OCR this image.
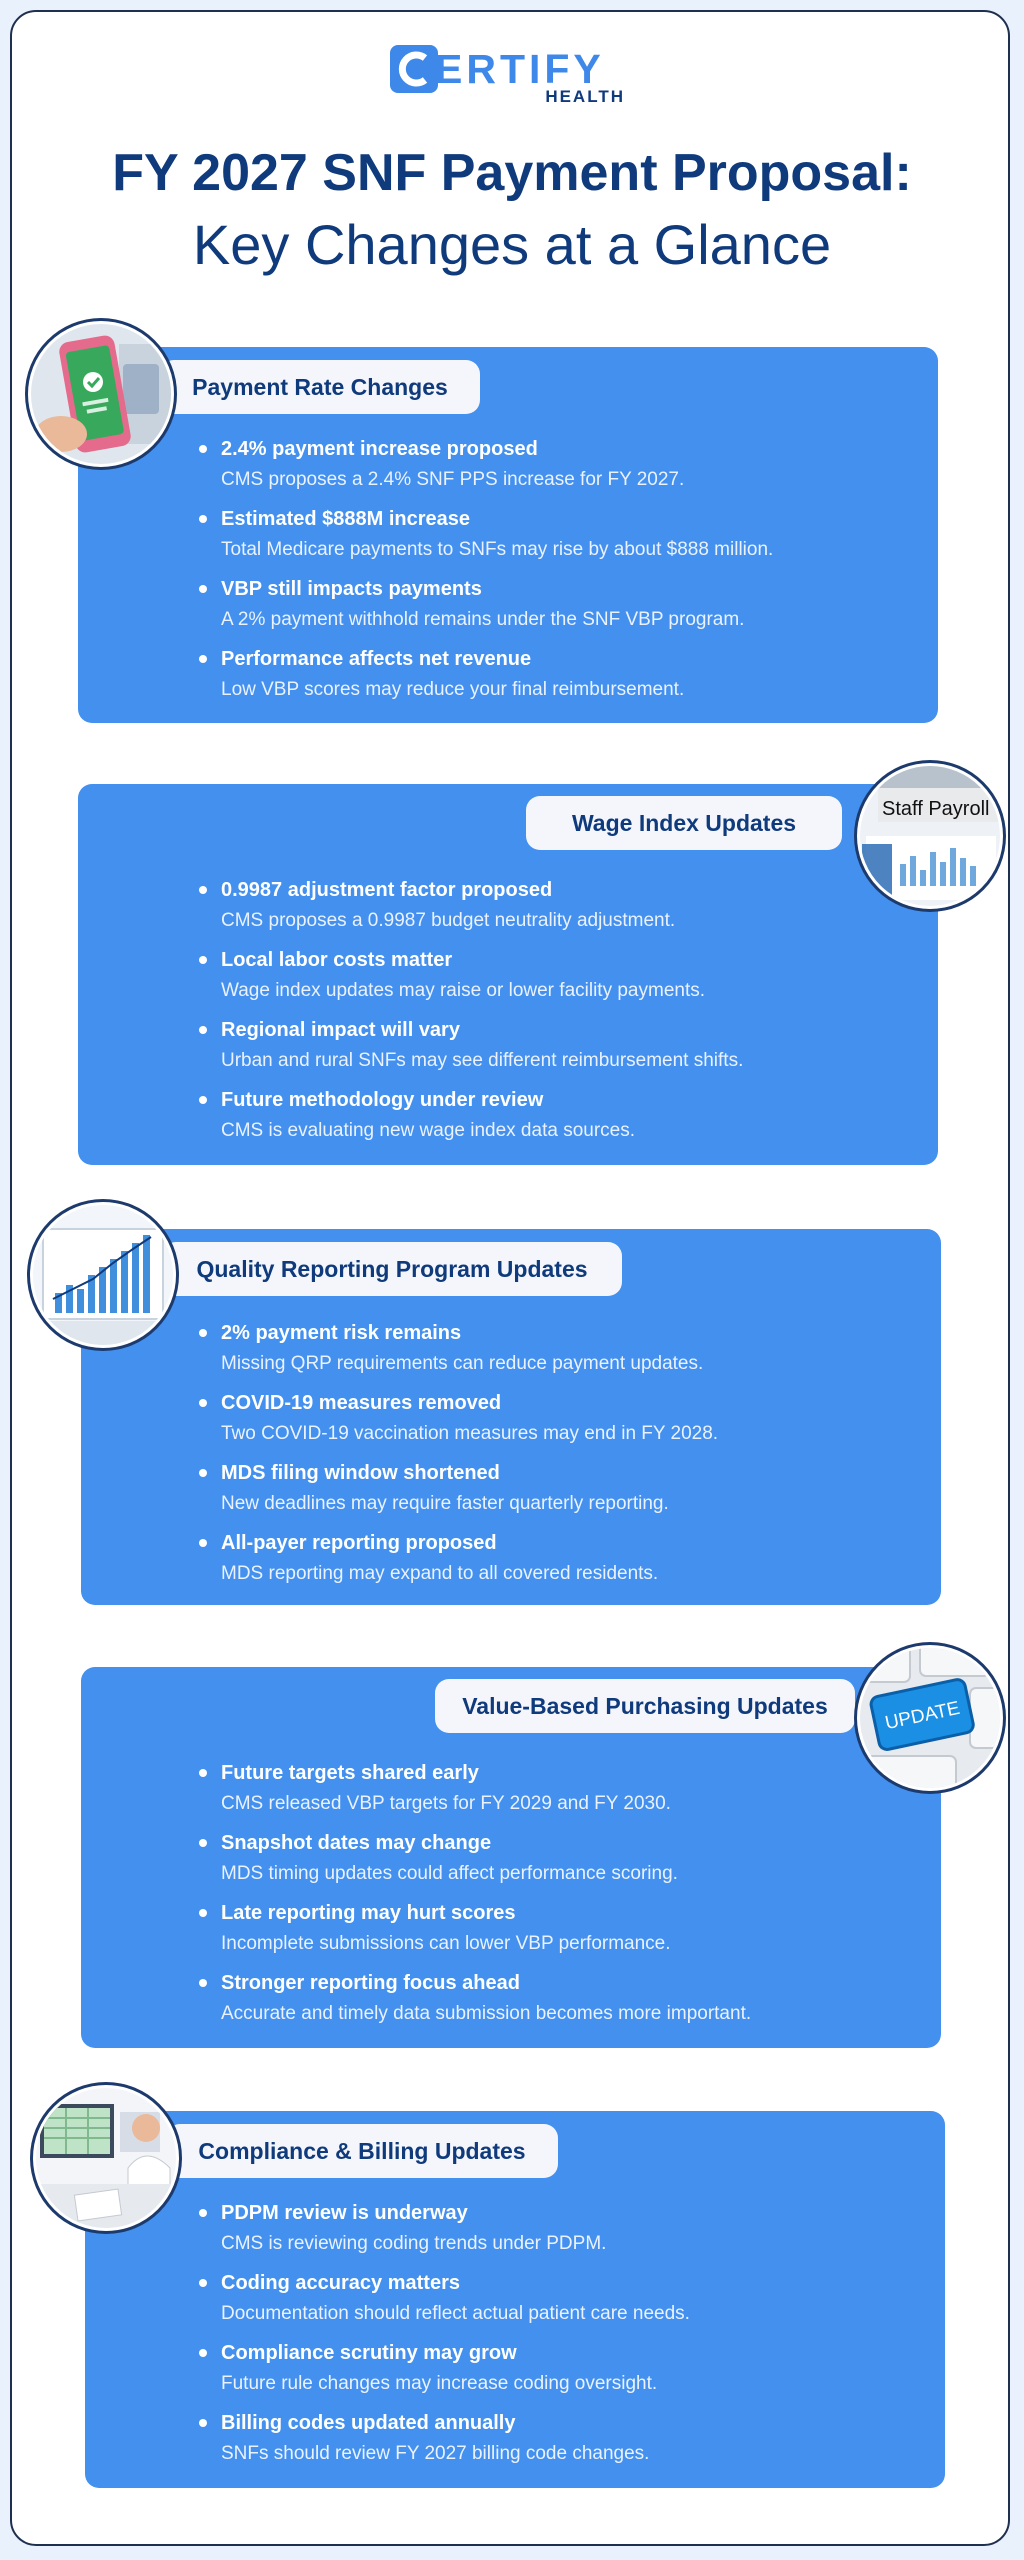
ERTIFY
HEALTH
FY 2027 SNF Payment Proposal:
Key Changes at a Glance
Payment Rate Changes
2.4% payment increase proposed
CMS proposes a 2.4% SNF PPS increase for FY 2027.
Estimated $888M increase
Total Medicare payments to SNFs may rise by about $888 million.
VBP still impacts payments
A 2% payment withhold remains under the SNF VBP program.
Performance affects net revenue
Low VBP scores may reduce your final reimbursement.
Wage Index Updates
0.9987 adjustment factor proposed
CMS proposes a 0.9987 budget neutrality adjustment.
Local labor costs matter
Wage index updates may raise or lower facility payments.
Regional impact will vary
Urban and rural SNFs may see different reimbursement shifts.
Future methodology under review
CMS is evaluating new wage index data sources.
Staff Payroll
Quality Reporting Program Updates
2% payment risk remains
Missing QRP requirements can reduce payment updates.
COVID-19 measures removed
Two COVID-19 vaccination measures may end in FY 2028.
MDS filing window shortened
New deadlines may require faster quarterly reporting.
All-payer reporting proposed
MDS reporting may expand to all covered residents.
Value-Based Purchasing Updates
Future targets shared early
CMS released VBP targets for FY 2029 and FY 2030.
Snapshot dates may change
MDS timing updates could affect performance scoring.
Late reporting may hurt scores
Incomplete submissions can lower VBP performance.
Stronger reporting focus ahead
Accurate and timely data submission becomes more important.
UPDATE
Compliance & Billing Updates
PDPM review is underway
CMS is reviewing coding trends under PDPM.
Coding accuracy matters
Documentation should reflect actual patient care needs.
Compliance scrutiny may grow
Future rule changes may increase coding oversight.
Billing codes updated annually
SNFs should review FY 2027 billing code changes.
